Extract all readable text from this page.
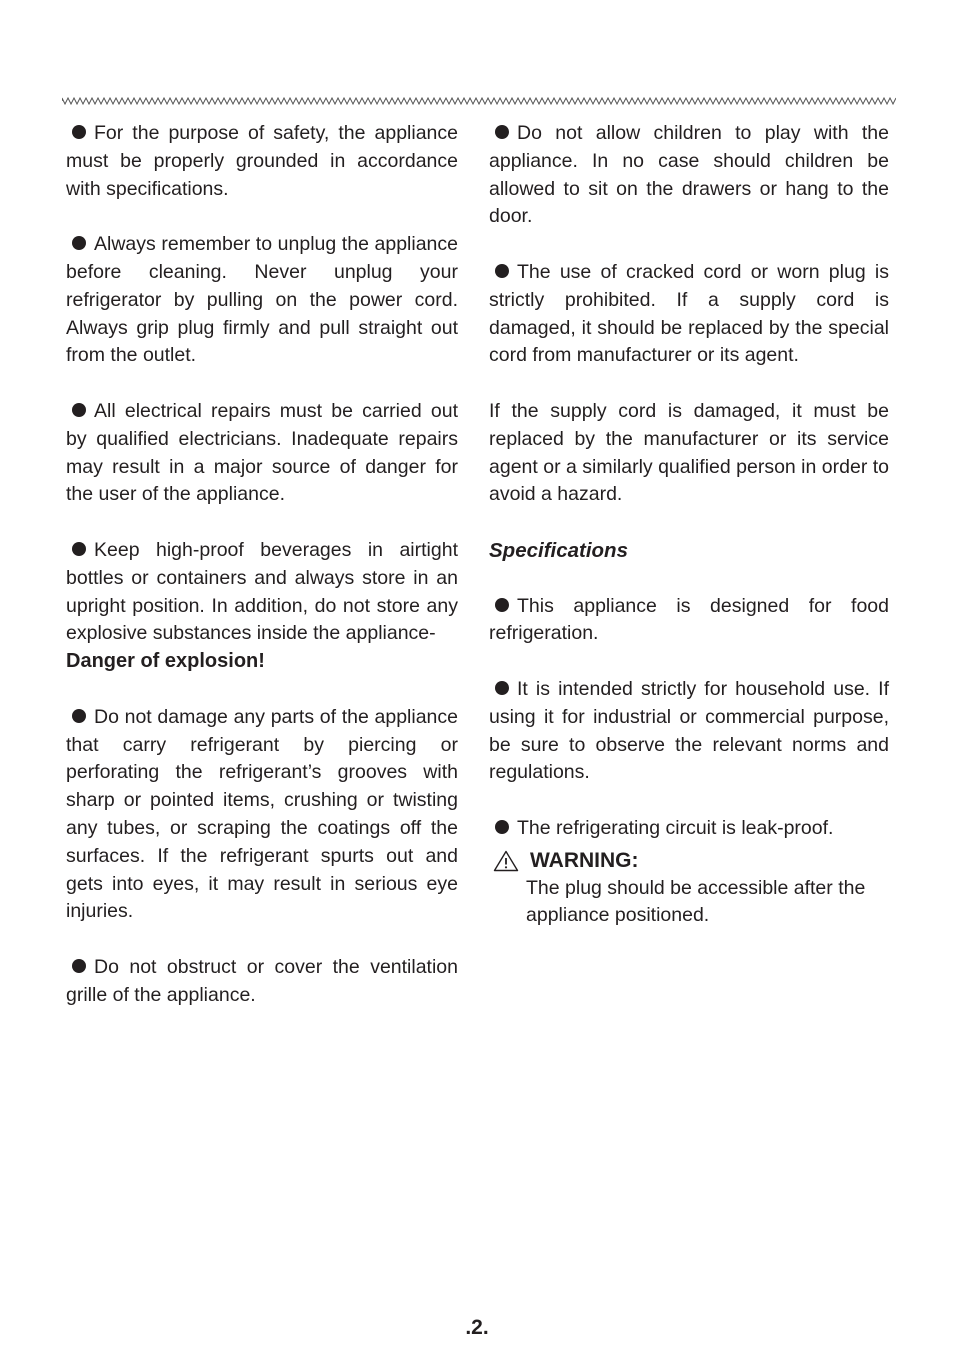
For the purpose of safety, the appliance must be properly grounded in accordance with specifications.

Always remember to unplug the appliance before cleaning. Never unplug your refrigerator by pulling on the power cord. Always grip plug firmly and pull straight out from the outlet.

All electrical repairs must be carried out by qualified electricians. Inadequate repairs may result in a major source of danger for the user of the appliance.

Keep high-proof beverages in airtight bottles or containers and always store in an upright position. In addition, do not store any explosive substances inside the appliance-
Danger of explosion!

Do not damage any parts of the appliance that carry refrigerant by piercing or perforating the refrigerant’s grooves with sharp or pointed items, crushing or twisting any tubes, or scraping the coatings off the surfaces. If the refrigerant spurts out and gets into eyes, it may result in serious eye injuries.

Do not obstruct or cover the ventilation grille of the appliance.

Do not allow children to play with the appliance. In no case should children be allowed to sit on the drawers or hang to the door.

The use of cracked cord or worn plug is strictly prohibited. If a supply cord is damaged, it should be replaced by the special cord from manufacturer or its agent.

If the supply cord is damaged, it must be replaced by the manufacturer or its service agent or a similarly qualified person in order to avoid a hazard.

Specifications

This appliance is designed for food refrigeration.

It is intended strictly for household use. If using it for industrial or commercial purpose, be sure to observe the relevant norms and regulations.

The refrigerating circuit is leak-proof.

WARNING:
The plug should be accessible after the appliance positioned.
.2.
